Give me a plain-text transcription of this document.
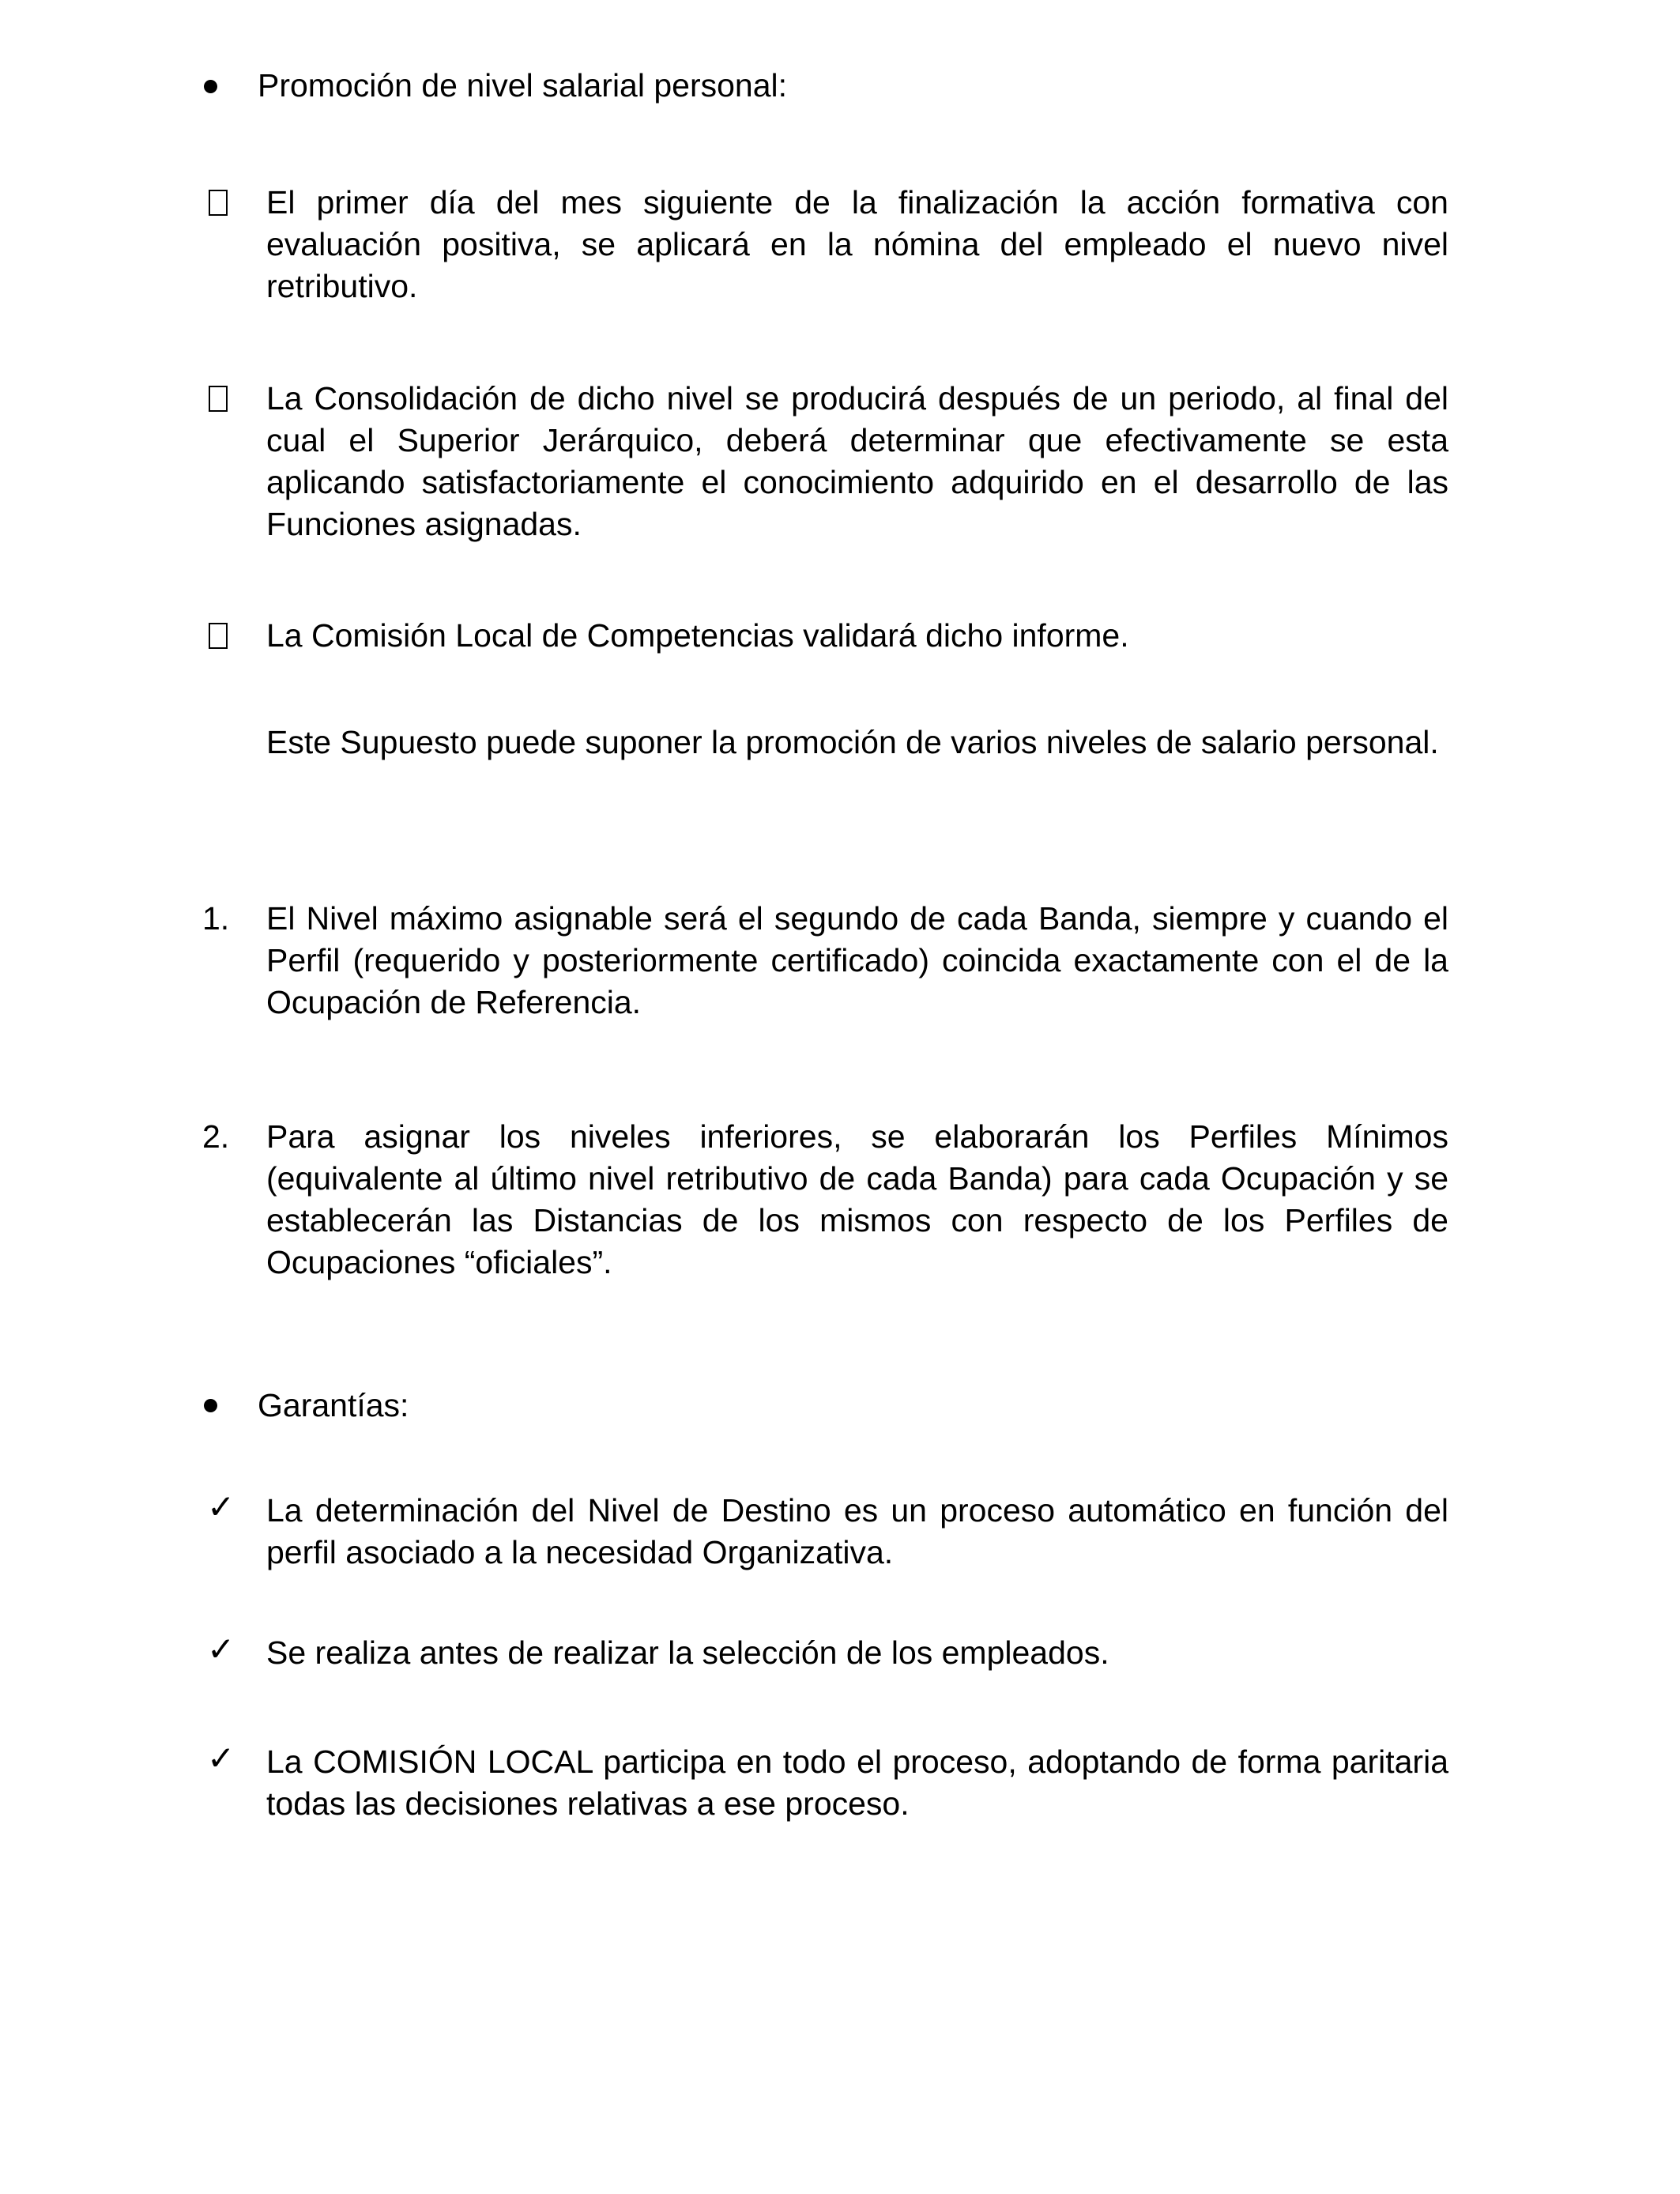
Promoción de nivel salarial personal:
El primer día del mes siguiente de la finalización la acción formativa con evaluación positiva, se aplicará en la nómina del empleado el nuevo nivel retributivo.
La Consolidación de dicho nivel se producirá después de un periodo, al final del cual el Superior Jerárquico, deberá determinar que efectivamente se esta aplicando satisfactoriamente el conocimiento adquirido en el desarrollo de las Funciones asignadas.
La Comisión Local de Competencias validará dicho informe.
Este Supuesto puede suponer la promoción de varios niveles de salario personal.
1. El Nivel máximo asignable será el segundo de cada Banda, siempre y cuando el Perfil (requerido y posteriormente certificado) coincida exactamente con el de la Ocupación de Referencia.
2. Para asignar los niveles inferiores, se elaborarán los Perfiles Mínimos (equivalente al último nivel retributivo de cada Banda) para cada Ocupación y se establecerán las Distancias de los mismos con respecto de los Perfiles de Ocupaciones “oficiales”.
Garantías:
✓ La determinación del Nivel de Destino es un proceso automático en función del perfil asociado a la necesidad Organizativa.
✓ Se realiza antes de realizar la selección de los empleados.
✓ La COMISIÓN LOCAL participa en todo el proceso, adoptando de forma paritaria todas las decisiones relativas a ese proceso.
